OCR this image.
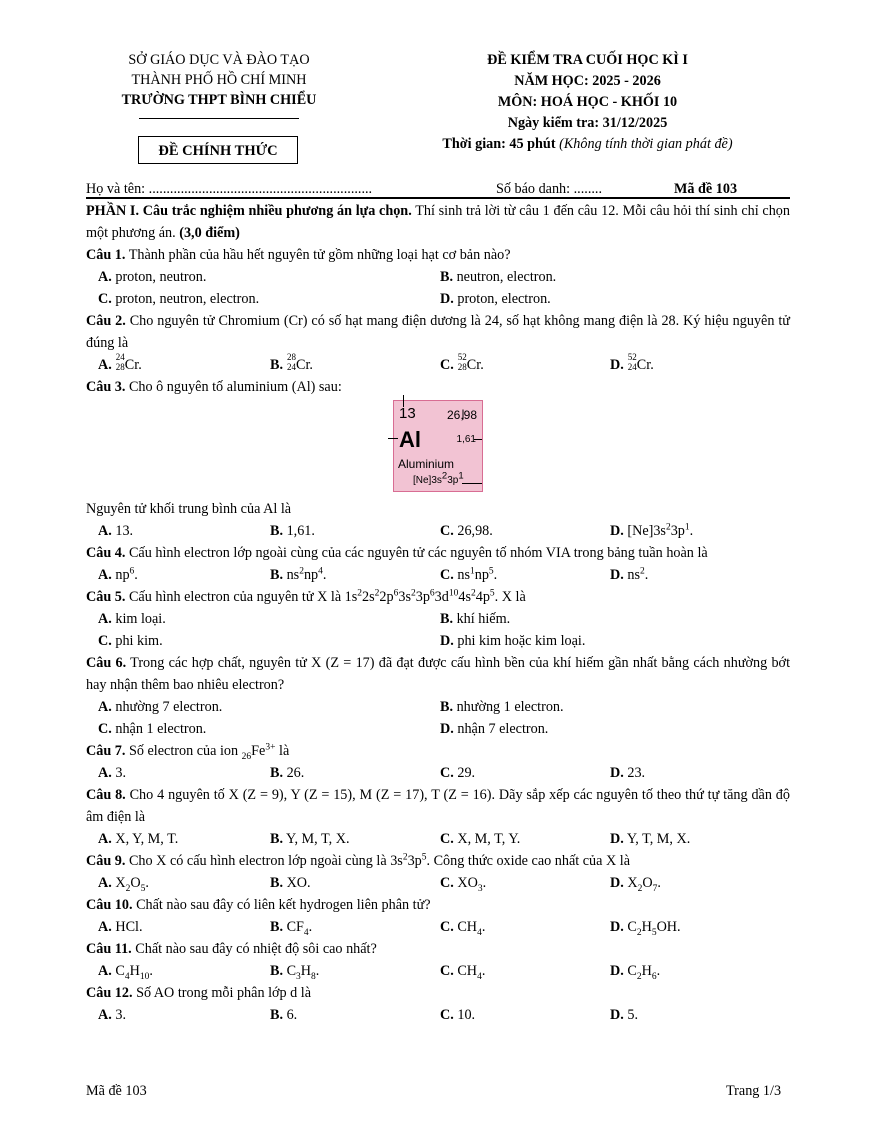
SỞ GIÁO DỤC VÀ ĐÀO TẠO
THÀNH PHỐ HỒ CHÍ MINH
TRƯỜNG THPT BÌNH CHIỂU
ĐỀ CHÍNH THỨC
ĐỀ KIỂM TRA CUỐI HỌC KÌ I
NĂM HỌC: 2025 - 2026
MÔN: HOÁ HỌC - KHỐI 10
Ngày kiểm tra: 31/12/2025
Thời gian: 45 phút (Không tính thời gian phát đề)
Họ và tên: ...............................................................	Số báo danh: ........	Mã đề 103

PHẦN I. Câu trắc nghiệm nhiều phương án lựa chọn. Thí sinh trả lời từ câu 1 đến câu 12. Mỗi câu hỏi thí sinh chỉ chọn một phương án. (3,0 điểm)

Câu 1. Thành phần của hầu hết nguyên tử gồm những loại hạt cơ bản nào?

A. proton, neutron.	B. neutron, electron.
C. proton, neutron, electron.	D. proton, electron.

Câu 2. Cho nguyên tử Chromium (Cr) có số hạt mang điện dương là 24, số hạt không mang điện là 28. Ký hiệu nguyên tử đúng là

A. 24
28 Cr.	B. 28
24 Cr.	C. 52
28 Cr.	D. 52
24 Cr.

Câu 3. Cho ô nguyên tố aluminium (Al) sau:

13	26,98
Al	1,61
Aluminium
$[Ne]3s^23p^1$

Nguyên tử khối trung bình của Al là

A. 13.	B. 1,61.	C. 26,98.	D. $[Ne]3s^23p^1$.

Câu 4. Cấu hình electron lớp ngoài cùng của các nguyên tử các nguyên tố nhóm VIA trong bảng tuần hoàn là

A. $np^6$.	B. $ns^2np^4$.	C. $ns^1np^5$.	D. $ns^2$.

Câu 5. Cấu hình electron của nguyên tử X là $1s^22s^22p^63s^23p^63d^{10}4s^24p^5$. X là

A. kim loại.	B. khí hiếm.
C. phi kim.	D. phi kim hoặc kim loại.

Câu 6. Trong các hợp chất, nguyên tử X (Z = 17) đã đạt được cấu hình bền của khí hiếm gần nhất bằng cách nhường bớt hay nhận thêm bao nhiêu electron?

A. nhường 7 electron.	B. nhường 1 electron.
C. nhận 1 electron.	D. nhận 7 electron.

Câu 7. Số electron của ion $_{26}Fe^{3+}$ là

A. 3.	B. 26.	C. 29.	D. 23.

Câu 8. Cho 4 nguyên tố X (Z = 9), Y (Z = 15), M (Z = 17), T (Z = 16). Dãy sắp xếp các nguyên tố theo thứ tự tăng dần độ âm điện là

A. X, Y, M, T.	B. Y, M, T, X.	C. X, M, T, Y.	D. Y, T, M, X.

Câu 9. Cho X có cấu hình electron lớp ngoài cùng là $3s^23p^5$. Công thức oxide cao nhất của X là

A. $X_2O_5$.	B. XO.	C. $XO_3$.	D. $X_2O_7$.

Câu 10. Chất nào sau đây có liên kết hydrogen liên phân tử?

A. HCl.	B. $CF_4$.	C. $CH_4$.	D. $C_2H_5OH$.

Câu 11. Chất nào sau đây có nhiệt độ sôi cao nhất?

A. $C_4H_{10}$.	B. $C_3H_8$.	C. $CH_4$.	D. $C_2H_6$.

Câu 12. Số AO trong mỗi phân lớp d là

A. 3.	B. 6.	C. 10.	D. 5.
Mã đề 103	Trang 1/3
